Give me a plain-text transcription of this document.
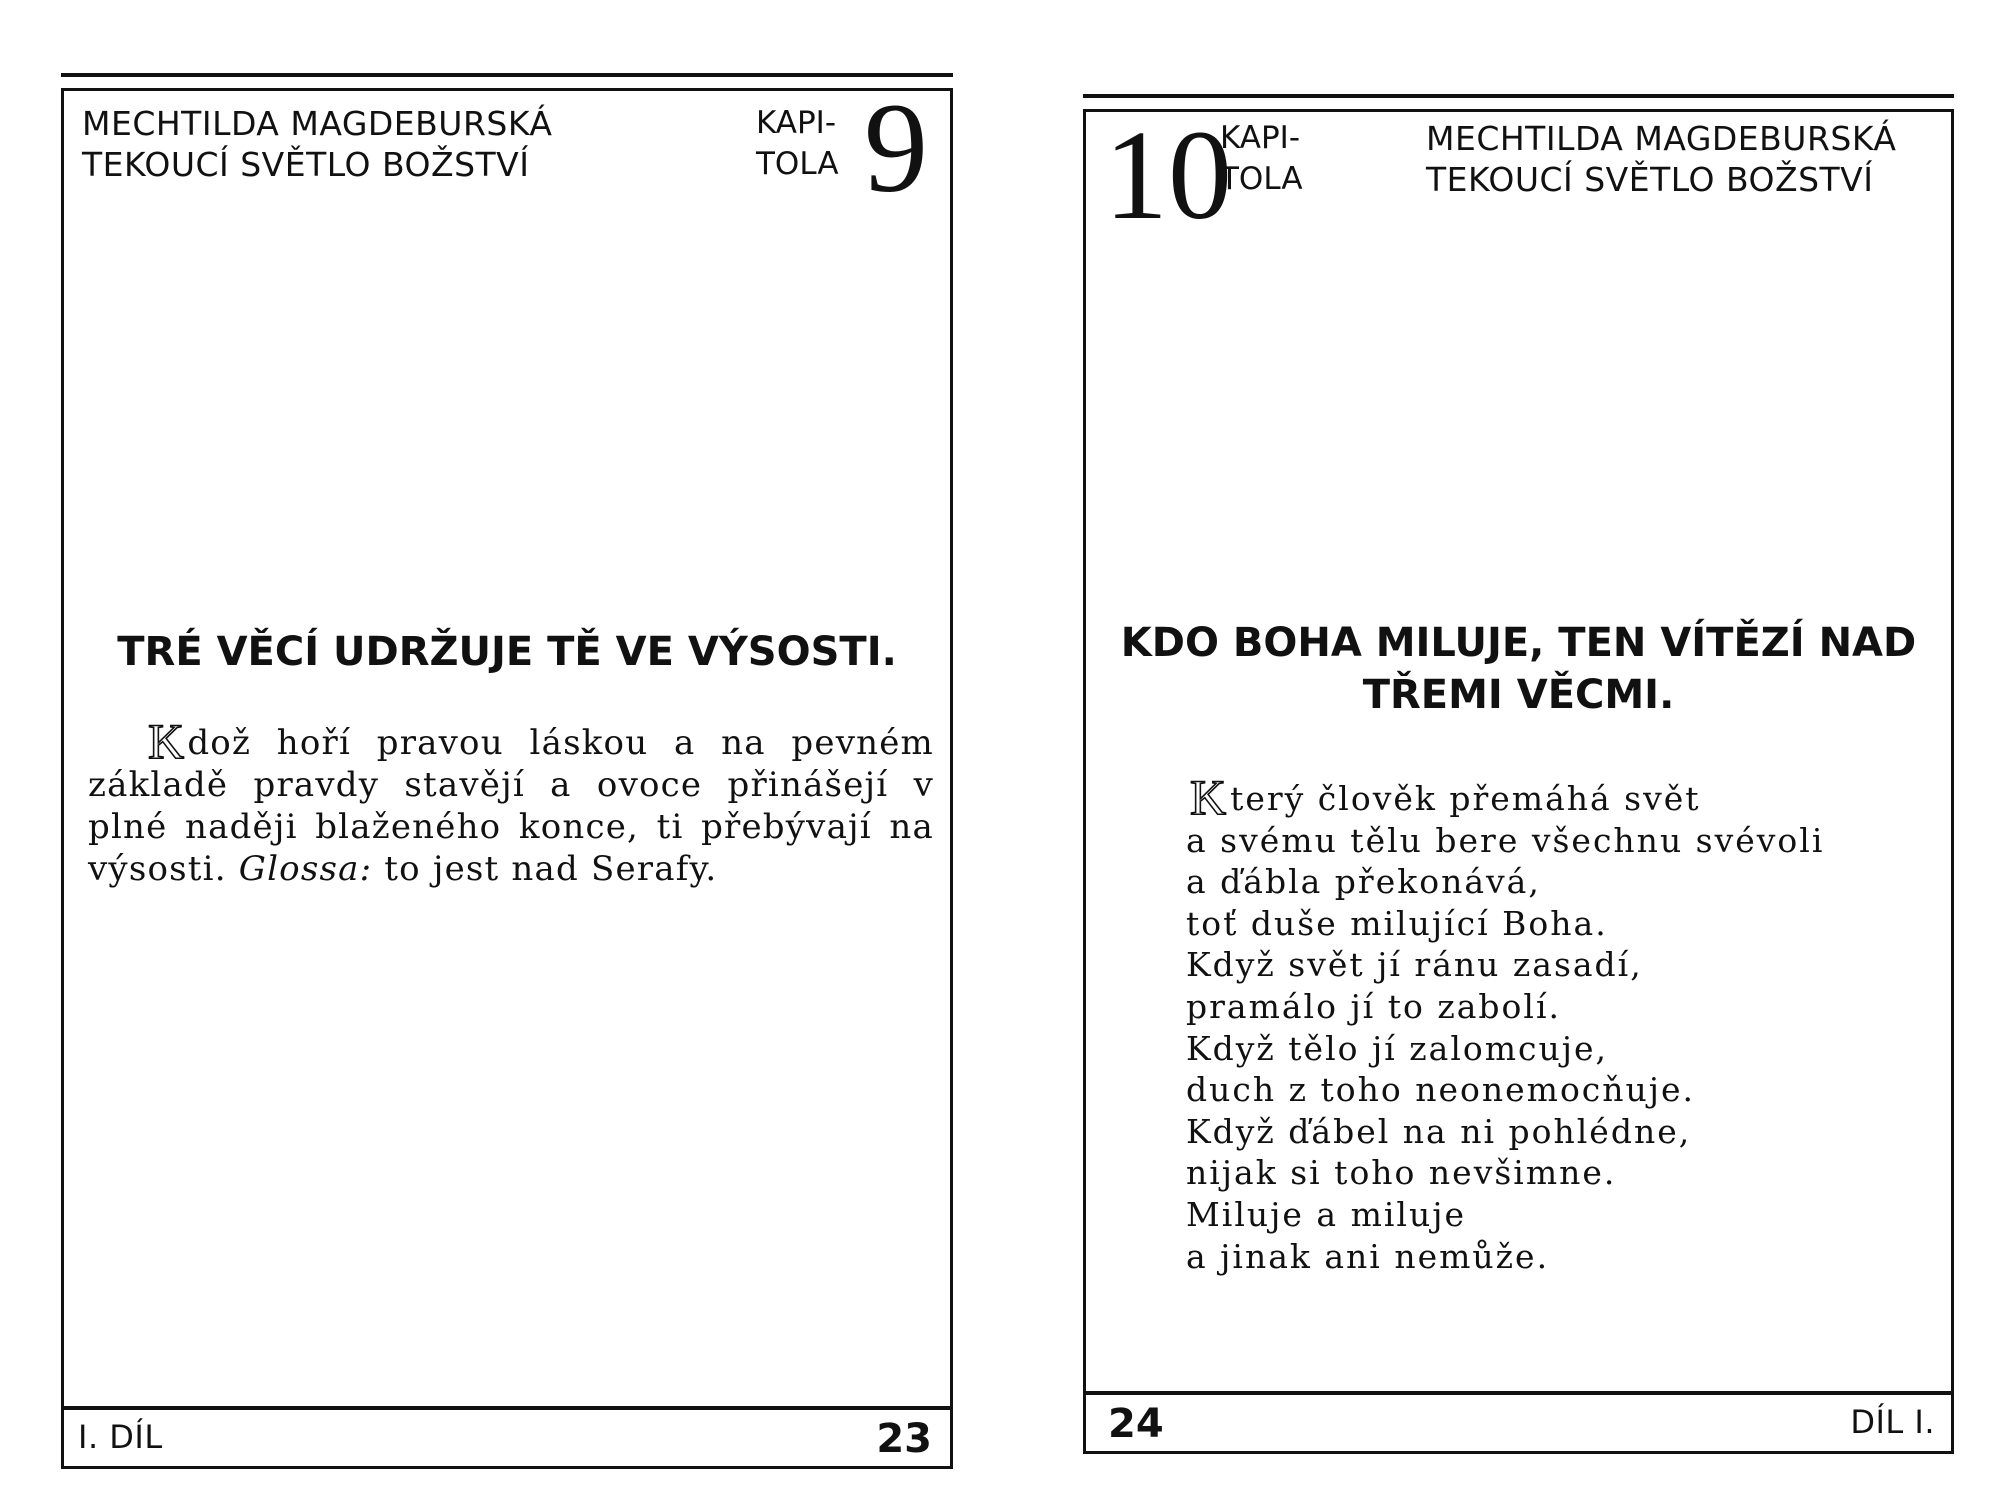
MECHTILDA MAGDEBURSKÁ
TEKOUCÍ SVĚTLO BOŽSTVÍ
KAPI-
TOLA 9
TRÉ VĚCÍ UDRŽUJE TĚ VE VÝSOSTI.
Kdož hoří pravou láskou a na pevném základě pravdy stavějí a ovoce přinášejí v plné naději blaženého konce, ti přebývají na výsosti. Glossa: to jest nad Serafy.
I. DÍL	23
10
KAPI-
TOLA
MECHTILDA MAGDEBURSKÁ
TEKOUCÍ SVĚTLO BOŽSTVÍ
KDO BOHA MILUJE, TEN VÍTĚZÍ NAD
TŘEMI VĚCMI.
Který člověk přemáhá svět
a svému tělu bere všechnu svévoli
a ďábla překonává,
toť duše milující Boha.
Když svět jí ránu zasadí,
pramálo jí to zabolí.
Když tělo jí zalomcuje,
duch z toho neonemocňuje.
Když ďábel na ni pohlédne,
nijak si toho nevšimne.
Miluje a miluje
a jinak ani nemůže.
24	DÍL I.
